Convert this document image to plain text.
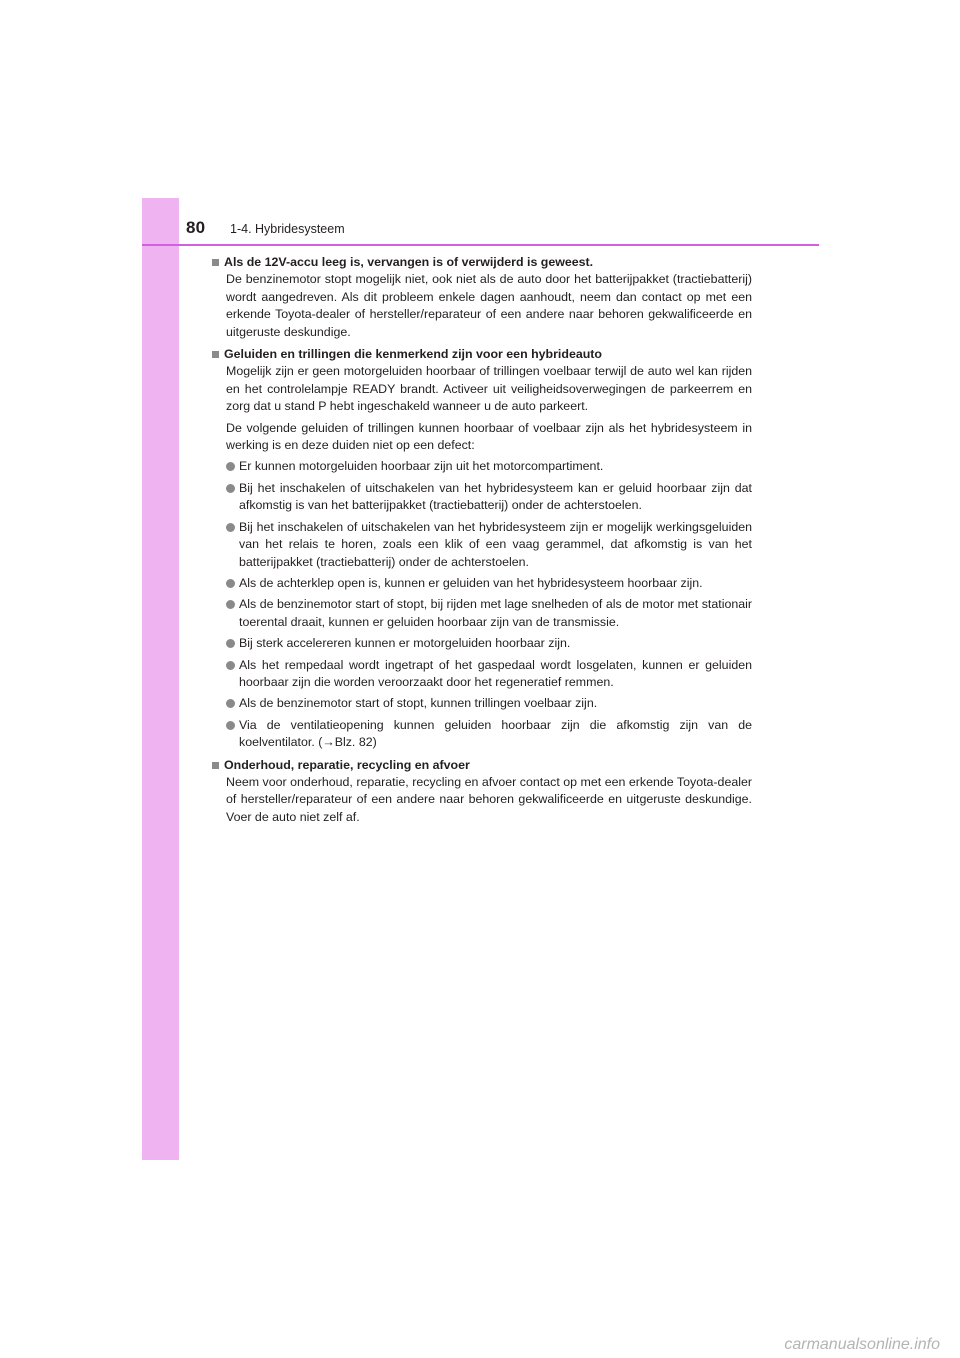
80 1-4. Hybridesysteem
Als de 12V-accu leeg is, vervangen is of verwijderd is geweest.

De benzinemotor stopt mogelijk niet, ook niet als de auto door het batterijpakket (tractiebatterij) wordt aangedreven. Als dit probleem enkele dagen aanhoudt, neem dan contact op met een erkende Toyota-dealer of hersteller/reparateur of een andere naar behoren gekwalificeerde en uitgeruste deskundige.

Geluiden en trillingen die kenmerkend zijn voor een hybrideauto

Mogelijk zijn er geen motorgeluiden hoorbaar of trillingen voelbaar terwijl de auto wel kan rijden en het controlelampje READY brandt. Activeer uit veiligheidsoverwegingen de parkeerrem en zorg dat u stand P hebt ingeschakeld wanneer u de auto parkeert.

De volgende geluiden of trillingen kunnen hoorbaar of voelbaar zijn als het hybridesysteem in werking is en deze duiden niet op een defect:

Er kunnen motorgeluiden hoorbaar zijn uit het motorcompartiment.
Bij het inschakelen of uitschakelen van het hybridesysteem kan er geluid hoorbaar zijn dat afkomstig is van het batterijpakket (tractiebatterij) onder de achterstoelen.
Bij het inschakelen of uitschakelen van het hybridesysteem zijn er mogelijk werkingsgeluiden van het relais te horen, zoals een klik of een vaag gerammel, dat afkomstig is van het batterijpakket (tractiebatterij) onder de achterstoelen.
Als de achterklep open is, kunnen er geluiden van het hybridesysteem hoorbaar zijn.
Als de benzinemotor start of stopt, bij rijden met lage snelheden of als de motor met stationair toerental draait, kunnen er geluiden hoorbaar zijn van de transmissie.
Bij sterk accelereren kunnen er motorgeluiden hoorbaar zijn.
Als het rempedaal wordt ingetrapt of het gaspedaal wordt losgelaten, kunnen er geluiden hoorbaar zijn die worden veroorzaakt door het regeneratief remmen.
Als de benzinemotor start of stopt, kunnen trillingen voelbaar zijn.
Via de ventilatieopening kunnen geluiden hoorbaar zijn die afkomstig zijn van de koelventilator. (→Blz. 82)
Onderhoud, reparatie, recycling en afvoer

Neem voor onderhoud, reparatie, recycling en afvoer contact op met een erkende Toyota-dealer of hersteller/reparateur of een andere naar behoren gekwalificeerde en uitgeruste deskundige. Voer de auto niet zelf af.

carmanualsonline.info
